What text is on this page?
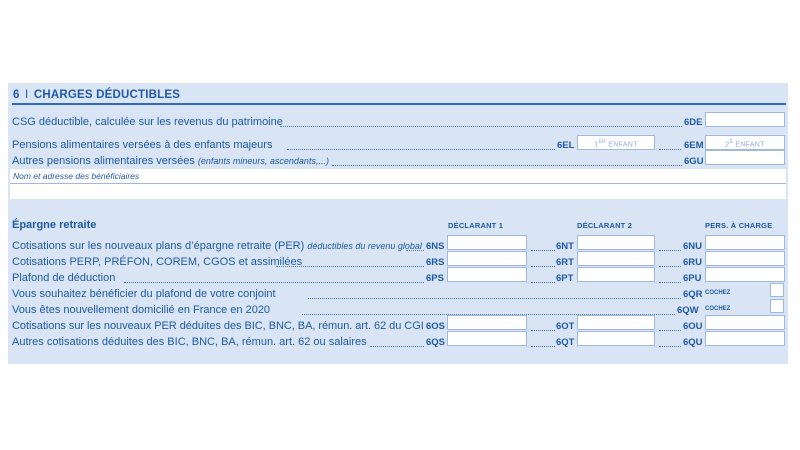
6 I CHARGES DÉDUCTIBLES
CSG déductible, calculée sur les revenus du patrimoine	6DE
Pensions alimentaires versées à des enfants majeurs	6EL	1ER ENFANT	6EM	$2^E$ ENFANT
Autres pensions alimentaires versées (enfants mineurs, ascendants,...)	6GU
Nom et adresse des bénéficiaires
Épargne retraite	DÉCLARANT 1	DÉCLARANT 2	PERS. À CHARGE
Cotisations sur les nouveaux plans d’épargne retraite (PER) déductibles du revenu global 6NS	6NT	6NU
Cotisations PERP, PRÉFON, COREM, CGOS et assimilées	6RS	6RT	6RU
Plafond de déduction	6PS	6PT	6PU
Vous souhaitez bénéficier du plafond de votre conjoint	6QR COCHEZ
Vous êtes nouvellement domicilié en France en 2020	6QW COCHEZ
Cotisations sur les nouveaux PER déduites des BIC, BNC, BA, rémun. art. 62 du CGI 6OS	6OT	6OU
Autres cotisations déduites des BIC, BNC, BA, rémun. art. 62 ou salaires	6QS	6QT	6QU
